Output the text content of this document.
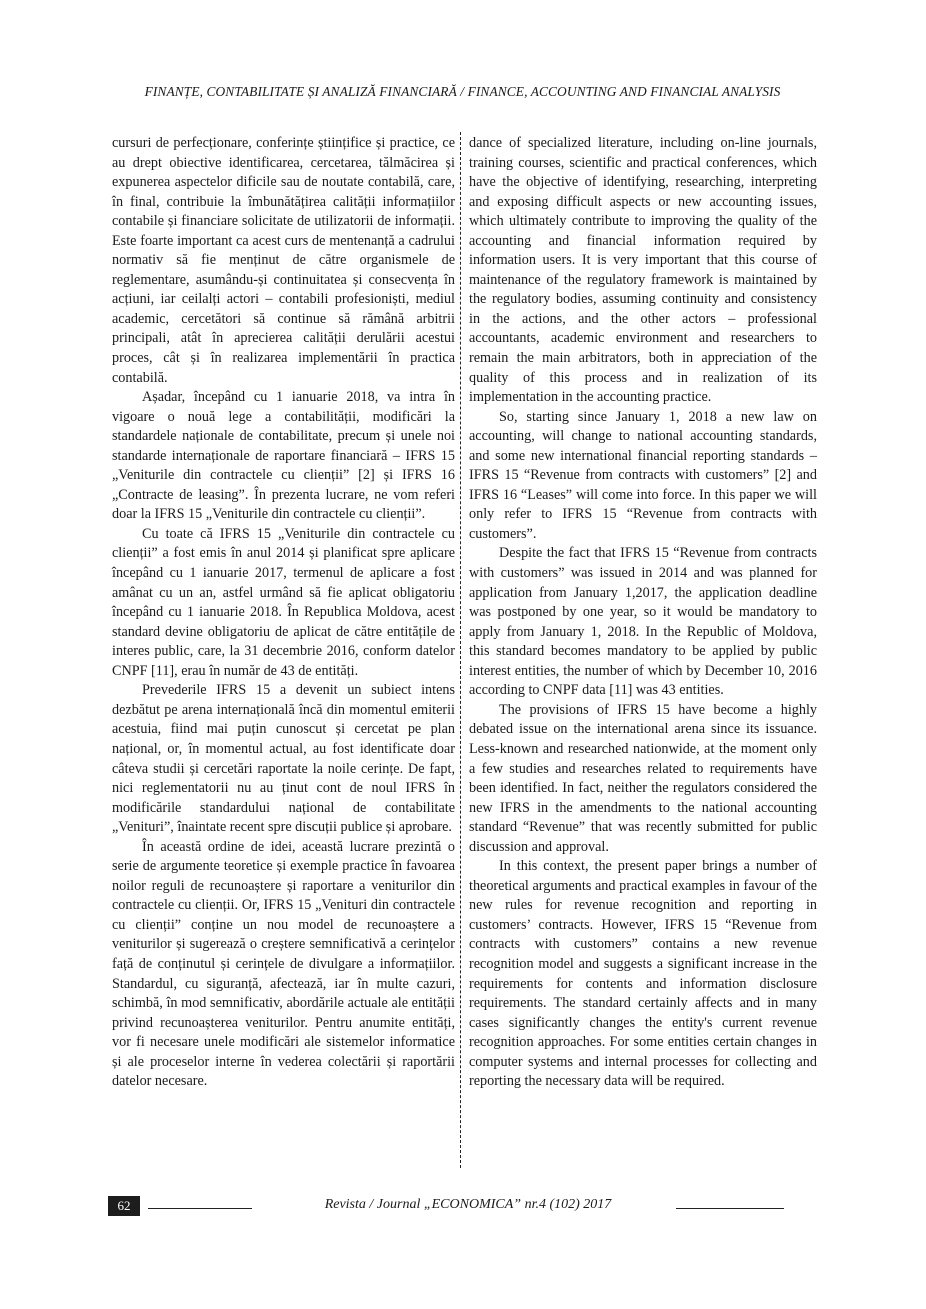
FINANȚE, CONTABILITATE ȘI ANALIZĂ FINANCIARĂ / FINANCE, ACCOUNTING AND FINANCIAL ANALYSIS

cursuri de perfecționare, conferințe științifice și practice, ce au drept obiective identificarea, cercetarea, tălmăcirea și expunerea aspectelor dificile sau de noutate contabilă, care, în final, contribuie la îmbunătățirea calității informațiilor contabile și financiare solicitate de utilizatorii de informații. Este foarte important ca acest curs de mentenanță a cadrului normativ să fie menținut de către organismele de reglementare, asumându-și continuitatea și consecvența în acțiuni, iar ceilalți actori – contabili profesioniști, mediul academic, cercetători să continue să rămână arbitrii principali, atât în aprecierea calității derulării acestui proces, cât și în realizarea implementării în practica contabilă.

Așadar, începând cu 1 ianuarie 2018, va intra în vigoare o nouă lege a contabilității, modificări la standardele naționale de contabilitate, precum și unele noi standarde internaționale de raportare financiară – IFRS 15 „Veniturile din contractele cu clienții” [2] și IFRS 16 „Contracte de leasing”. În prezenta lucrare, ne vom referi doar la IFRS 15 „Veniturile din contractele cu clienții”.

Cu toate că IFRS 15 „Veniturile din contractele cu clienții” a fost emis în anul 2014 și planificat spre aplicare începând cu 1 ianuarie 2017, termenul de aplicare a fost amânat cu un an, astfel urmând să fie aplicat obligatoriu începând cu 1 ianuarie 2018. În Republica Moldova, acest standard devine obligatoriu de aplicat de către entitățile de interes public, care, la 31 decembrie 2016, conform datelor CNPF [11], erau în număr de 43 de entități.

Prevederile IFRS 15 a devenit un subiect intens dezbătut pe arena internațională încă din momentul emiterii acestuia, fiind mai puțin cunoscut și cercetat pe plan național, or, în momentul actual, au fost identificate doar câteva studii și cercetări raportate la noile cerințe. De fapt, nici reglementatorii nu au ținut cont de noul IFRS în modificările standardului național de contabilitate „Venituri”, înaintate recent spre discuții publice și aprobare.

În această ordine de idei, această lucrare prezintă o serie de argumente teoretice și exemple practice în favoarea noilor reguli de recunoaștere și raportare a veniturilor din contractele cu clienții. Or, IFRS 15 „Venituri din contractele cu clienții” conține un nou model de recunoaștere a veniturilor și sugerează o creștere semnificativă a cerințelor față de conținutul și cerințele de divulgare a informațiilor. Standardul, cu siguranță, afectează, iar în multe cazuri, schimbă, în mod semnificativ, abordările actuale ale entității privind recunoașterea veniturilor. Pentru anumite entități, vor fi necesare unele modificări ale sistemelor informatice și ale proceselor interne în vederea colectării și raportării datelor necesare.

dance of specialized literature, including on-line journals, training courses, scientific and practical conferences, which have the objective of identifying, researching, interpreting and exposing difficult aspects or new accounting issues, which ultimately contribute to improving the quality of the accounting and financial information required by information users. It is very important that this course of maintenance of the regulatory framework is maintained by the regulatory bodies, assuming continuity and consistency in the actions, and the other actors – professional accountants, academic environment and researchers to remain the main arbitrators, both in appreciation of the quality of this process and in realization of its implementation in the accounting practice.

So, starting since January 1, 2018 a new law on accounting, will change to national accounting standards, and some new international financial reporting standards – IFRS 15 “Revenue from contracts with customers” [2] and IFRS 16 “Leases” will come into force. In this paper we will only refer to IFRS 15 “Revenue from contracts with customers”.

Despite the fact that IFRS 15 “Revenue from contracts with customers” was issued in 2014 and was planned for application from January 1,2017, the application deadline was postponed by one year, so it would be mandatory to apply from January 1, 2018. In the Republic of Moldova, this standard becomes mandatory to be applied by public interest entities, the number of which by December 10, 2016 according to CNPF data [11] was 43 entities.

The provisions of IFRS 15 have become a highly debated issue on the international arena since its issuance. Less-known and researched nationwide, at the moment only a few studies and researches related to requirements have been identified. In fact, neither the regulators considered the new IFRS in the amendments to the national accounting standard “Revenue” that was recently submitted for public discussion and approval.

In this context, the present paper brings a number of theoretical arguments and practical examples in favour of the new rules for revenue recognition and reporting in customers’ contracts. However, IFRS 15 “Revenue from contracts with customers” contains a new revenue recognition model and suggests a significant increase in the requirements for contents and information disclosure requirements. The standard certainly affects and in many cases significantly changes the entity's current revenue recognition approaches. For some entities certain changes in computer systems and internal processes for collecting and reporting the necessary data will be required.

62	Revista / Journal „ECONOMICA” nr.4 (102) 2017
